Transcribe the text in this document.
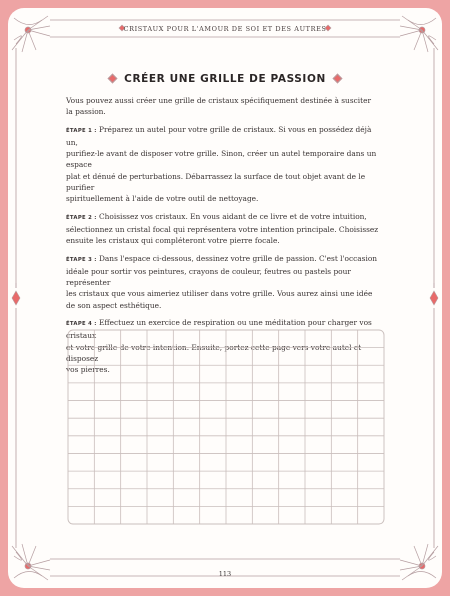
CRISTAUX POUR L'AMOUR DE SOI ET DES AUTRES
CRÉER UNE GRILLE DE PASSION

Vous pouvez aussi créer une grille de cristaux spécifiquement destinée à susciter
la passion.

ÉTAPE 1 : Préparez un autel pour votre grille de cristaux. Si vous en possédez déjà un,
purifiez-le avant de disposer votre grille. Sinon, créer un autel temporaire dans un espace
plat et dénué de perturbations. Débarrassez la surface de tout objet avant de le purifier
spirituellement à l'aide de votre outil de nettoyage.

ÉTAPE 2 : Choisissez vos cristaux. En vous aidant de ce livre et de votre intuition,
sélectionnez un cristal focal qui représentera votre intention principale. Choisissez
ensuite les cristaux qui compléteront votre pierre focale.

ÉTAPE 3 : Dans l'espace ci-dessous, dessinez votre grille de passion. C'est l'occasion
idéale pour sortir vos peintures, crayons de couleur, feutres ou pastels pour représenter
les cristaux que vous aimeriez utiliser dans votre grille. Vous aurez ainsi une idée
de son aspect esthétique.

ÉTAPE 4 : Effectuez un exercice de respiration ou une méditation pour charger vos cristaux
et votre grille de votre intention. Ensuite, portez cette page vers votre autel et disposez
vos pierres.

113
